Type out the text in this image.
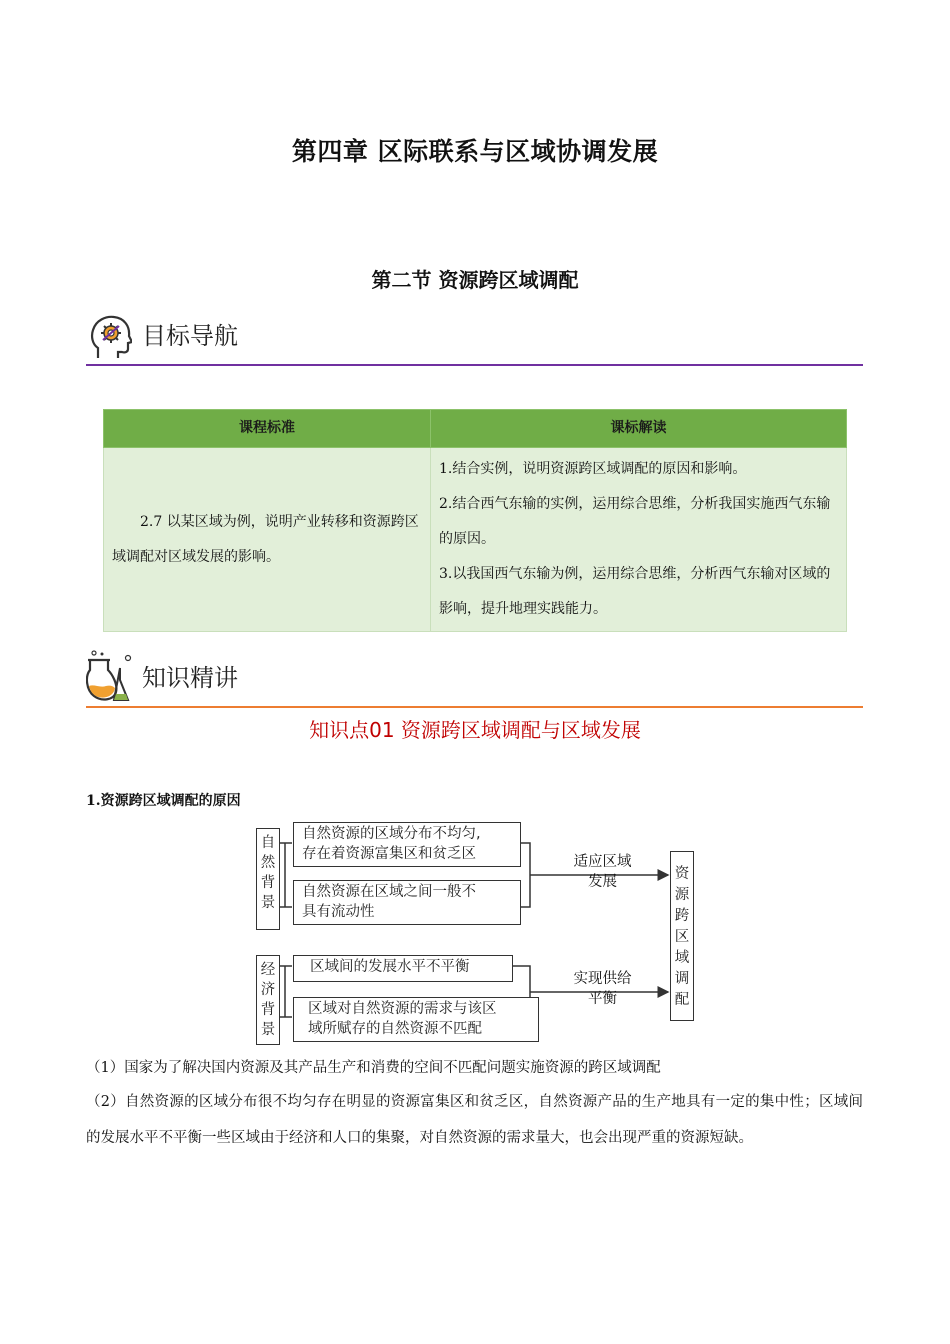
第四章 区际联系与区域协调发展
第二节 资源跨区域调配
目标导航
课程标准	课标解读
2.7 以某区域为例，说明产业转移和资源跨区域调配对区域发展的影响。	1.结合实例，说明资源跨区域调配的原因和影响。
2.结合西气东输的实例，运用综合思维，分析我国实施西气东输的原因。
3.以我国西气东输为例，运用综合思维，分析西气东输对区域的影响，提升地理实践能力。
知识精讲
知识点01 资源跨区域调配与区域发展
1.资源跨区域调配的原因
自然背景
自然资源的区域分布不均匀,
存在着资源富集区和贫乏区
自然资源在区域之间一般不
具有流动性
经济背景
区域间的发展水平不平衡
区域对自然资源的需求与该区
域所赋存的自然资源不匹配
适应区域
发展
实现供给
平衡
资源跨区域调配
（1）国家为了解决国内资源及其产品生产和消费的空间不匹配问题实施资源的跨区域调配
（2）自然资源的区域分布很不均匀存在明显的资源富集区和贫乏区，自然资源产品的生产地具有一定的集中性；区域间的发展水平不平衡一些区域由于经济和人口的集聚，对自然资源的需求量大，也会出现严重的资源短缺。
